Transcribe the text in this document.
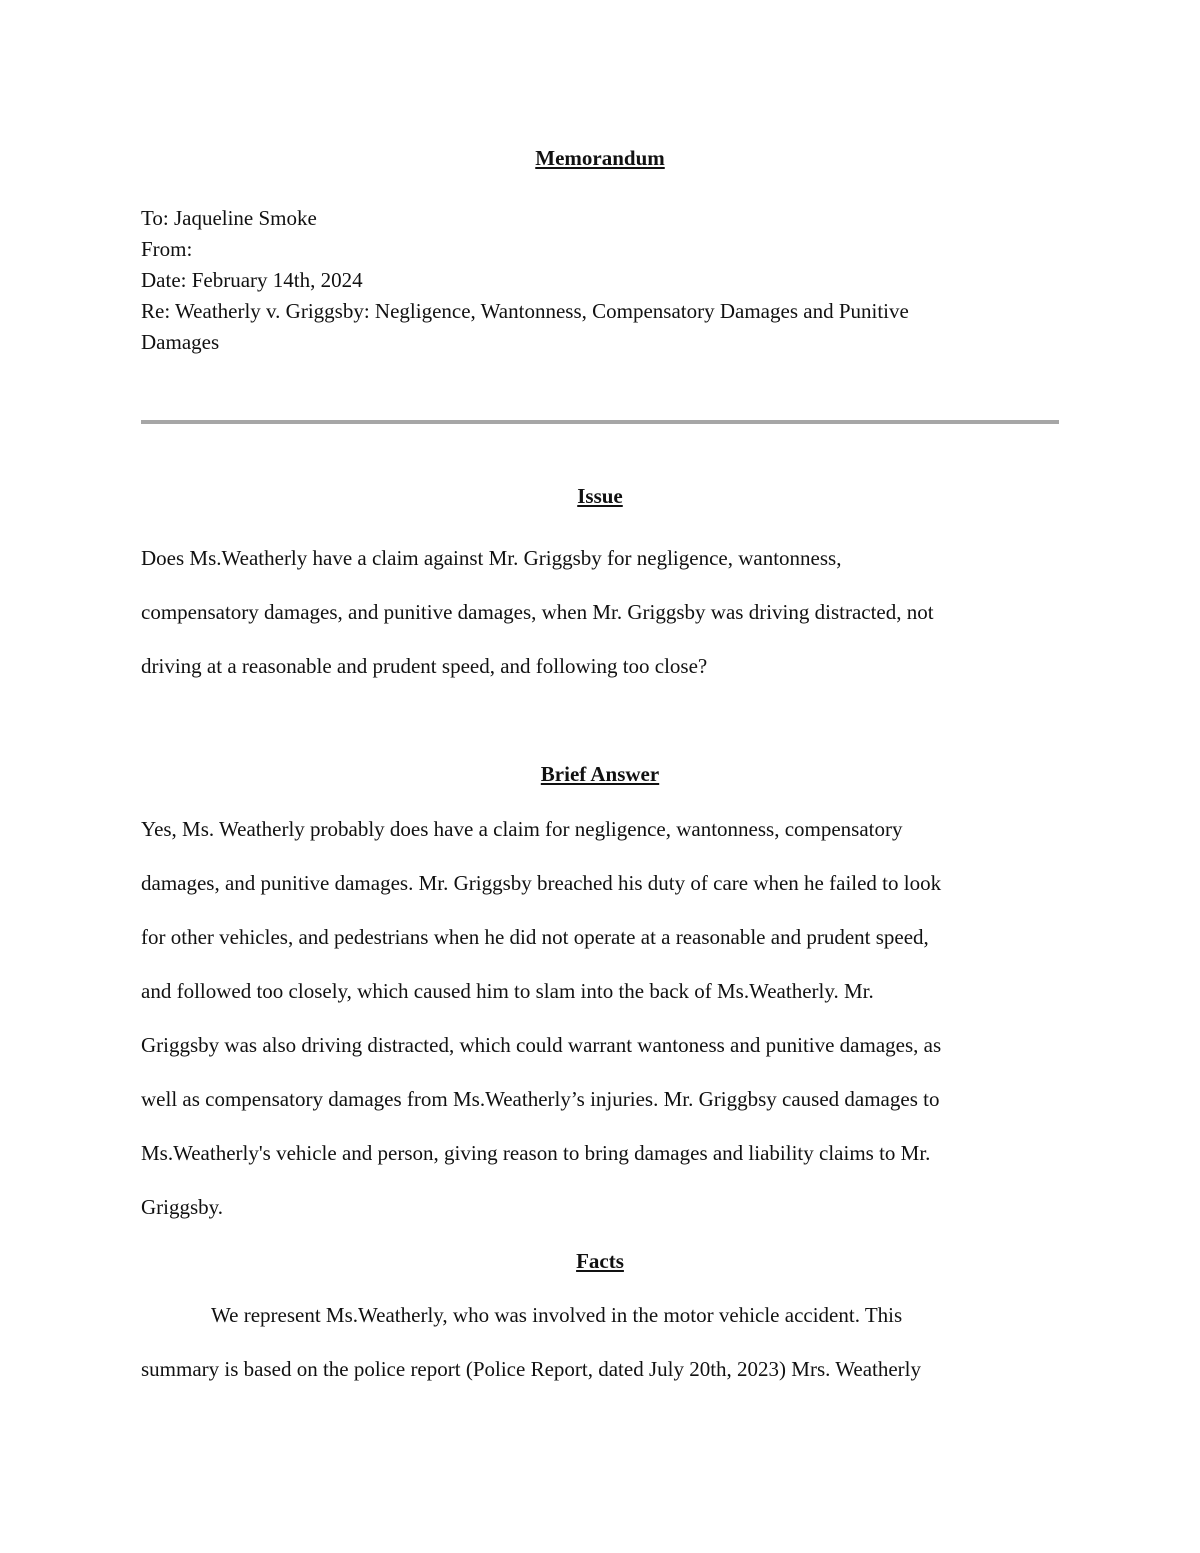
Memorandum
To: Jaqueline Smoke
From:
Date: February 14th, 2024
Re: Weatherly v. Griggsby: Negligence, Wantonness, Compensatory Damages and Punitive
Damages
Issue
Does Ms.Weatherly have a claim against Mr. Griggsby for negligence, wantonness,
compensatory damages, and punitive damages, when Mr. Griggsby was driving distracted, not
driving at a reasonable and prudent speed, and following too close?
Brief Answer
Yes, Ms. Weatherly probably does have a claim for negligence, wantonness, compensatory
damages, and punitive damages. Mr. Griggsby breached his duty of care when he failed to look
for other vehicles, and pedestrians when he did not operate at a reasonable and prudent speed,
and followed too closely, which caused him to slam into the back of Ms.Weatherly. Mr.
Griggsby was also driving distracted, which could warrant wantoness and punitive damages, as
well as compensatory damages from Ms.Weatherly’s injuries. Mr. Griggbsy caused damages to
Ms.Weatherly's vehicle and person, giving reason to bring damages and liability claims to Mr.
Griggsby.
Facts
We represent Ms.Weatherly, who was involved in the motor vehicle accident. This
summary is based on the police report (Police Report, dated July 20th, 2023) Mrs. Weatherly
